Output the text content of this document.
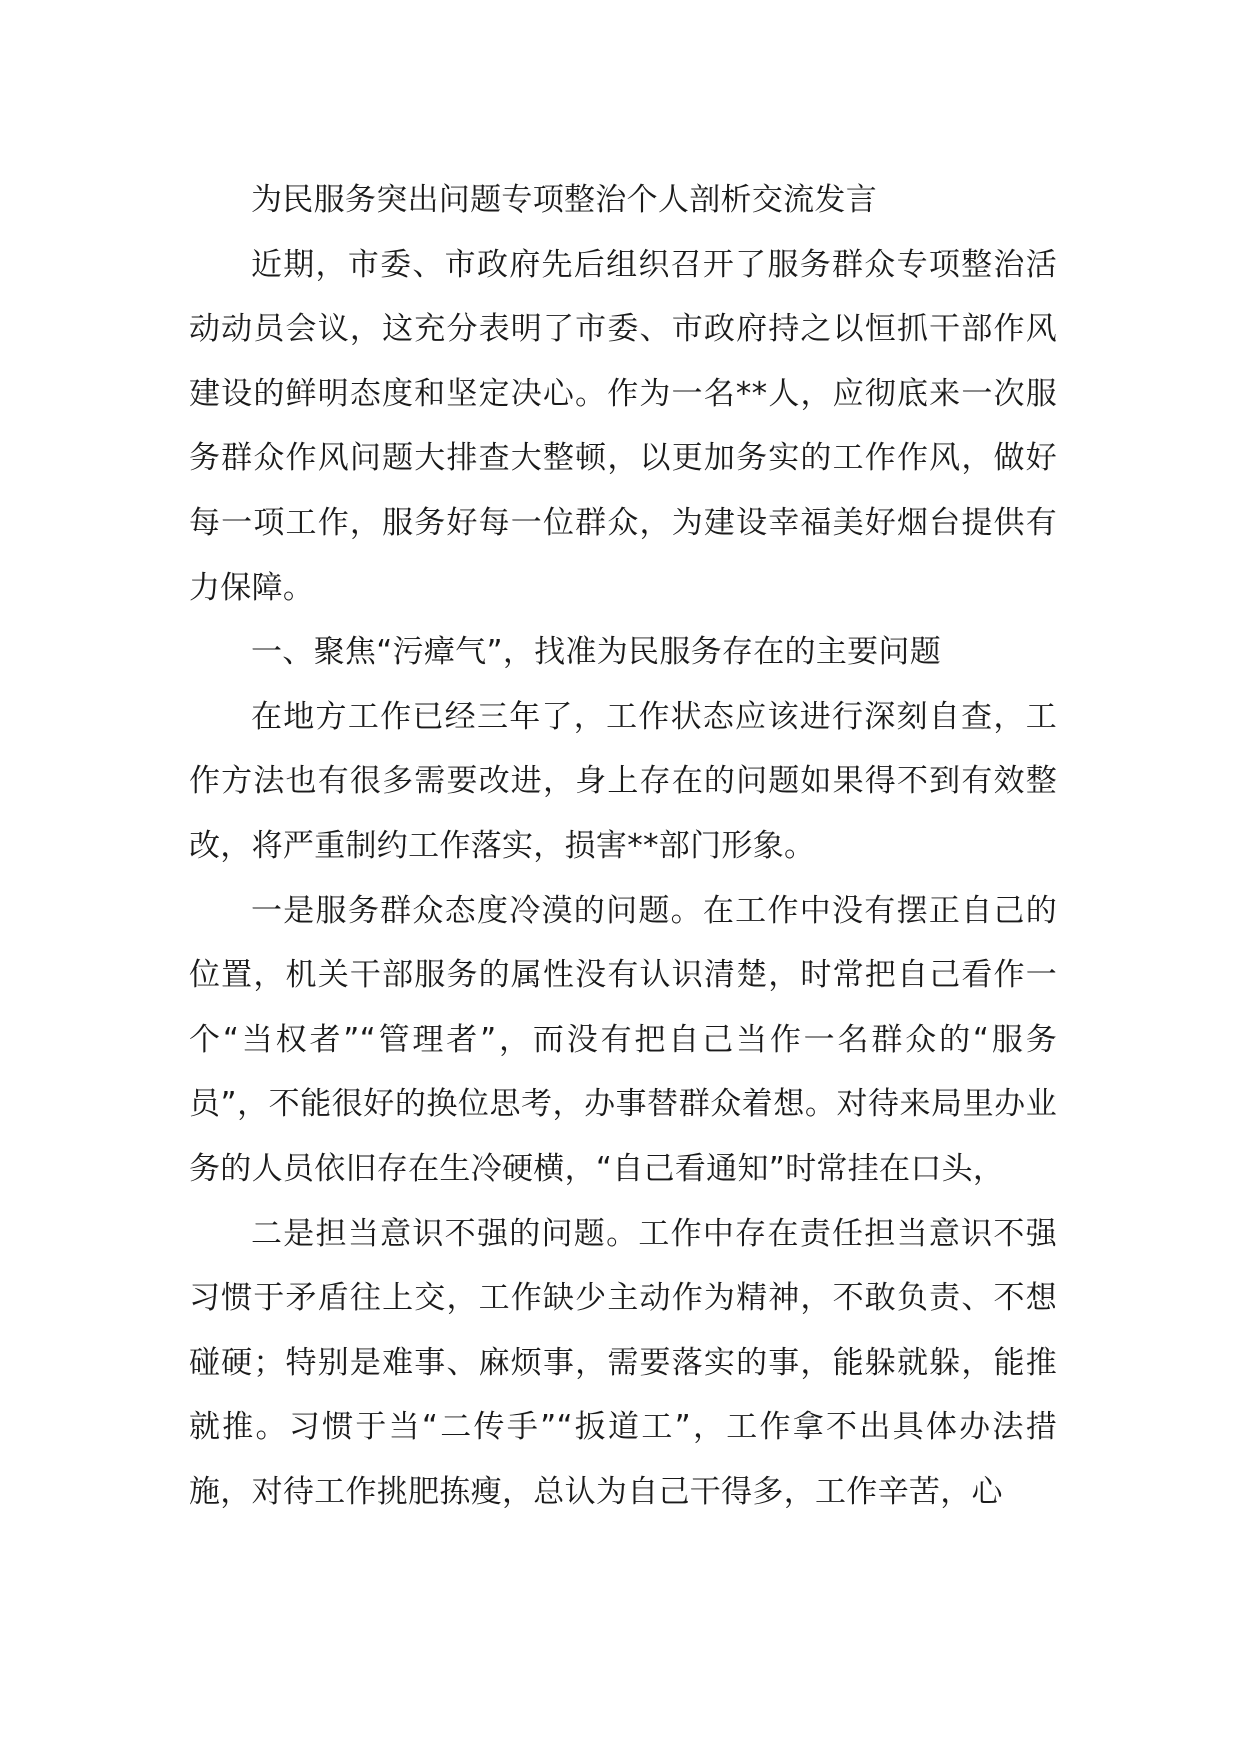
为民服务突出问题专项整治个人剖析交流发言

近期，市委、市政府先后组织召开了服务群众专项整治活动动员会议，这充分表明了市委、市政府持之以恒抓干部作风建设的鲜明态度和坚定决心。作为一名**人，应彻底来一次服务群众作风问题大排查大整顿，以更加务实的工作作风，做好每一项工作，服务好每一位群众，为建设幸福美好烟台提供有力保障。

一、聚焦“污瘴气”，找准为民服务存在的主要问题

在地方工作已经三年了，工作状态应该进行深刻自查，工作方法也有很多需要改进，身上存在的问题如果得不到有效整改，将严重制约工作落实，损害**部门形象。

一是服务群众态度冷漠的问题。在工作中没有摆正自己的位置，机关干部服务的属性没有认识清楚，时常把自己看作一个“当权者”“管理者”，而没有把自己当作一名群众的“服务员”，不能很好的换位思考，办事替群众着想。对待来局里办业务的人员依旧存在生冷硬横，“自己看通知”时常挂在口头，

二是担当意识不强的问题。工作中存在责任担当意识不强习惯于矛盾往上交，工作缺少主动作为精神，不敢负责、不想碰硬；特别是难事、麻烦事，需要落实的事，能躲就躲，能推就推。习惯于当“二传手”“扳道工”，工作拿不出具体办法措施，对待工作挑肥拣瘦，总认为自己干得多，工作辛苦，心
